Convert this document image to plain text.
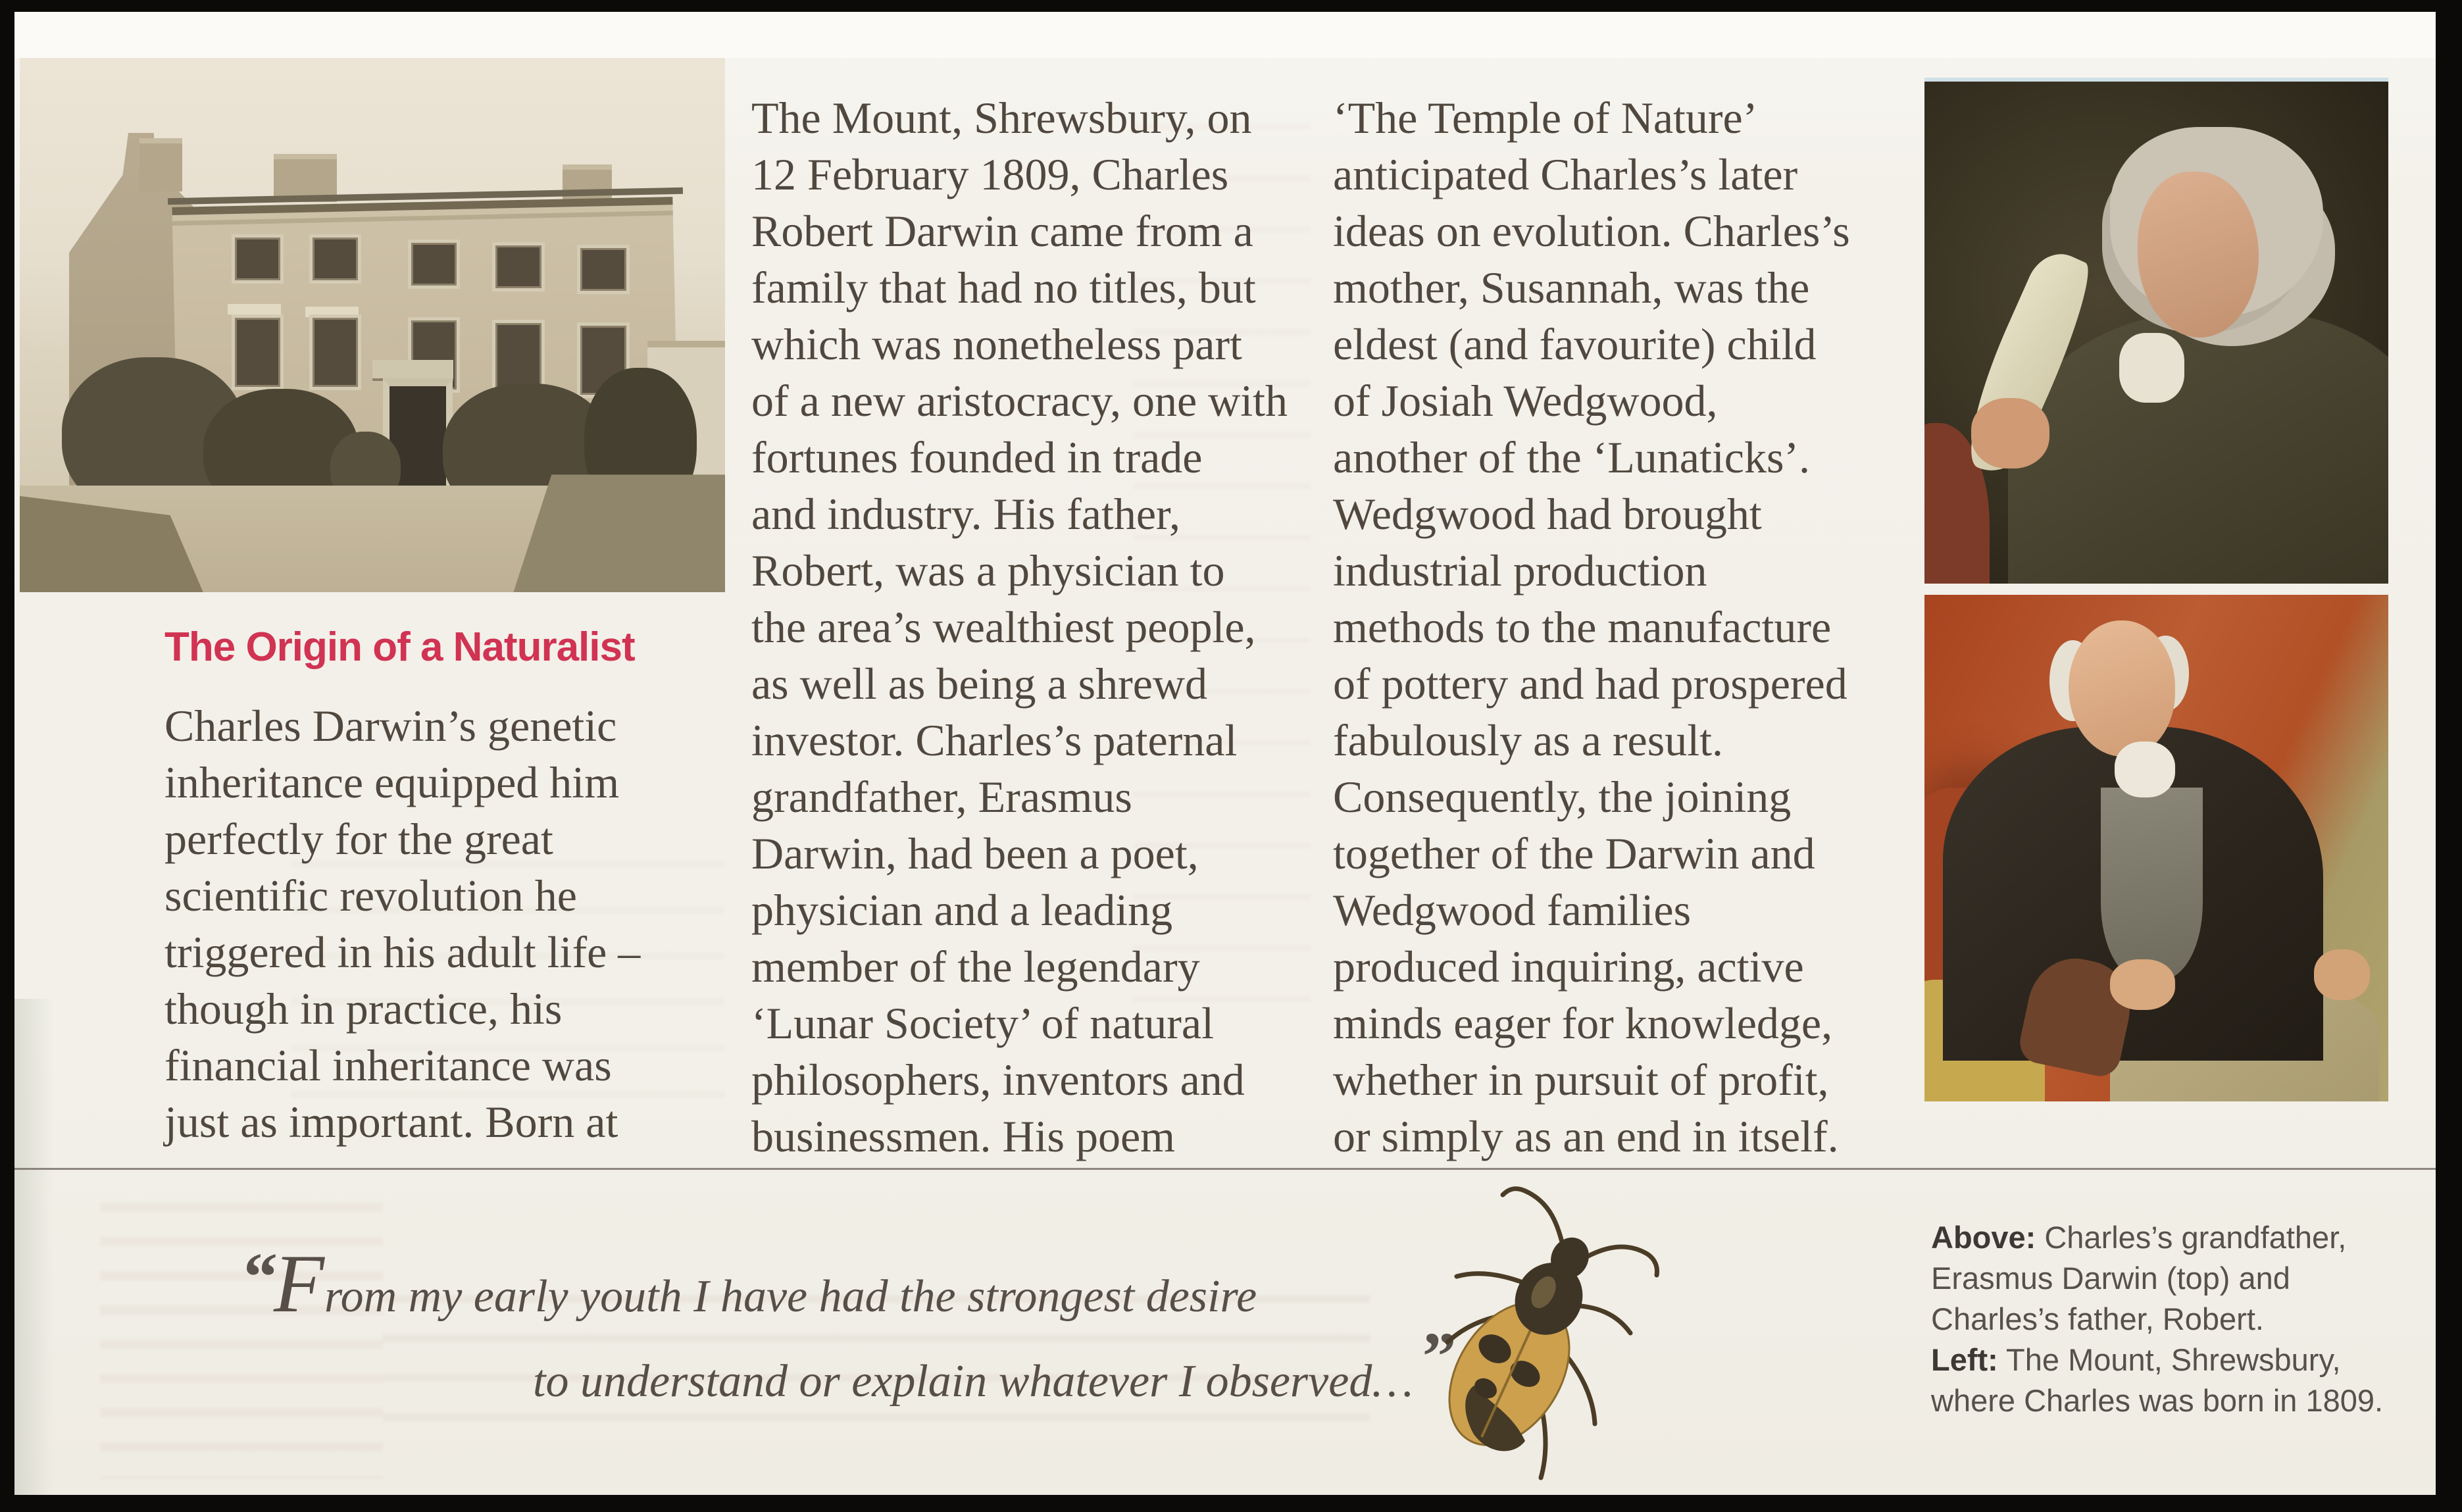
The Origin of a Naturalist
Charles Darwin’s genetic
inheritance equipped him
perfectly for the great
scientific revolution he
triggered in his adult life –
though in practice, his
financial inheritance was
just as important. Born at
The Mount, Shrewsbury, on
12 February 1809, Charles
Robert Darwin came from a
family that had no titles, but
which was nonetheless part
of a new aristocracy, one with
fortunes founded in trade
and industry. His father,
Robert, was a physician to
the area’s wealthiest people,
as well as being a shrewd
investor. Charles’s paternal
grandfather, Erasmus
Darwin, had been a poet,
physician and a leading
member of the legendary
‘Lunar Society’ of natural
philosophers, inventors and
businessmen. His poem
‘The Temple of Nature’
anticipated Charles’s later
ideas on evolution. Charles’s
mother, Susannah, was the
eldest (and favourite) child
of Josiah Wedgwood,
another of the ‘Lunaticks’.
Wedgwood had brought
industrial production
methods to the manufacture
of pottery and had prospered
fabulously as a result.
Consequently, the joining
together of the Darwin and
Wedgwood families
produced inquiring, active
minds eager for knowledge,
whether in pursuit of profit,
or simply as an end in itself.
“From my early youth I have had the strongest desire
to understand or explain whatever I observed… ”
Above: Charles’s grandfather,
Erasmus Darwin (top) and
Charles’s father, Robert.
Left: The Mount, Shrewsbury,
where Charles was born in 1809.
